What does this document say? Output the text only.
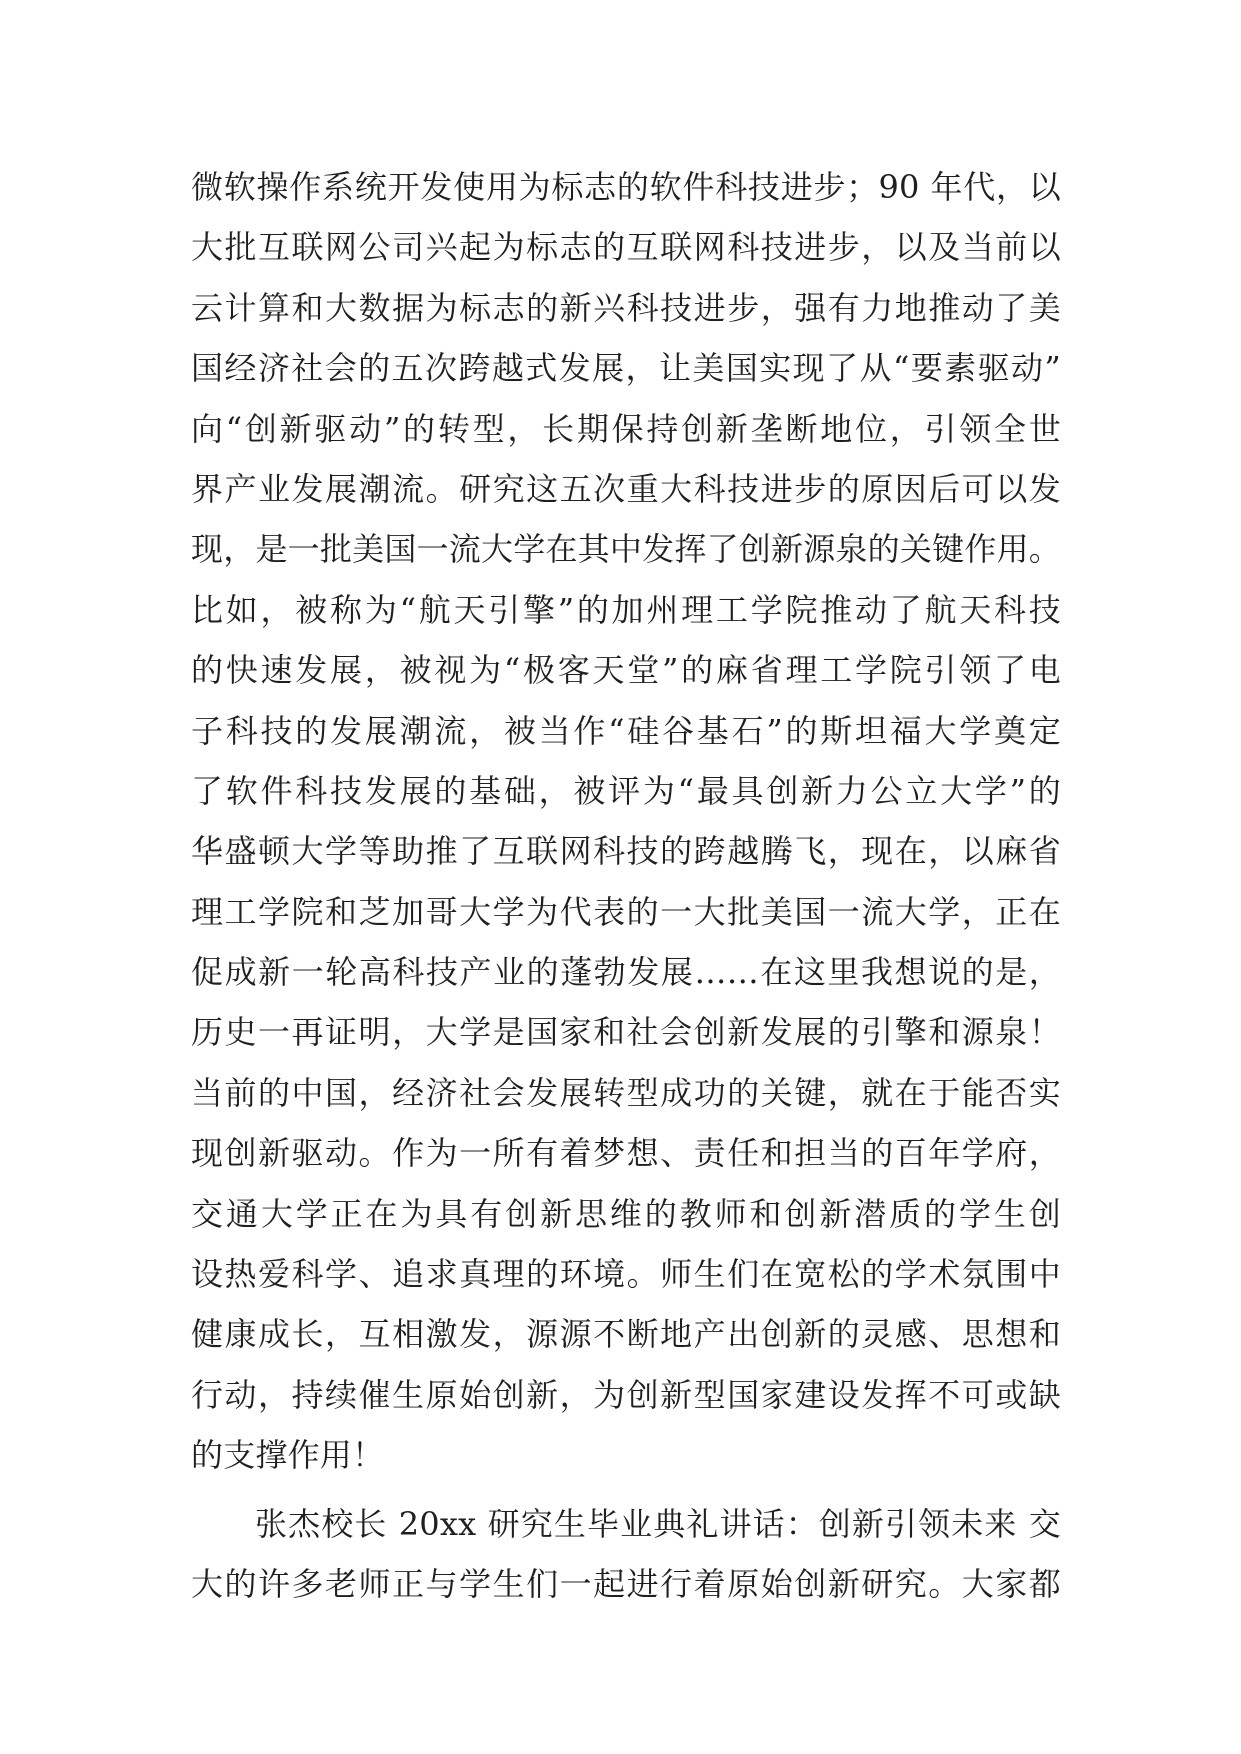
微软操作系统开发使用为标志的软件科技进步；90 年代，以
大批互联网公司兴起为标志的互联网科技进步，以及当前以
云计算和大数据为标志的新兴科技进步，强有力地推动了美
国经济社会的五次跨越式发展，让美国实现了从“要素驱动”
向“创新驱动”的转型，长期保持创新垄断地位，引领全世
界产业发展潮流。研究这五次重大科技进步的原因后可以发
现，是一批美国一流大学在其中发挥了创新源泉的关键作用。
比如，被称为“航天引擎”的加州理工学院推动了航天科技
的快速发展，被视为“极客天堂”的麻省理工学院引领了电
子科技的发展潮流，被当作“硅谷基石”的斯坦福大学奠定
了软件科技发展的基础，被评为“最具创新力公立大学”的
华盛顿大学等助推了互联网科技的跨越腾飞，现在，以麻省
理工学院和芝加哥大学为代表的一大批美国一流大学，正在
促成新一轮高科技产业的蓬勃发展……在这里我想说的是，
历史一再证明，大学是国家和社会创新发展的引擎和源泉！
当前的中国，经济社会发展转型成功的关键，就在于能否实
现创新驱动。作为一所有着梦想、责任和担当的百年学府，
交通大学正在为具有创新思维的教师和创新潜质的学生创
设热爱科学、追求真理的环境。师生们在宽松的学术氛围中
健康成长，互相激发，源源不断地产出创新的灵感、思想和
行动，持续催生原始创新，为创新型国家建设发挥不可或缺
的支撑作用！
张杰校长 20xx 研究生毕业典礼讲话：创新引领未来 交
大的许多老师正与学生们一起进行着原始创新研究。大家都
